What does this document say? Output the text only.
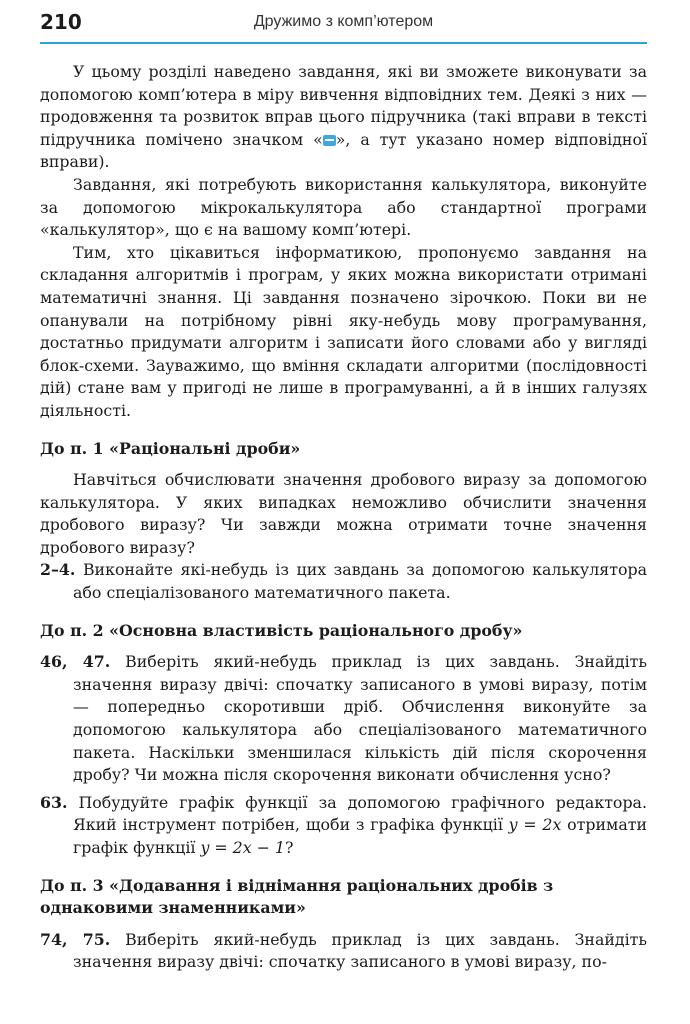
210	Дружимо з комп’ютером

У цьому розділі наведено завдання, які ви зможете виконувати за допомогою комп’ютера в міру вивчення відповідних тем. Деякі з них — продовження та розвиток вправ цього підручника (такі вправи в тексті підручника помічено значком « », а тут указано номер відповідної вправи).

Завдання, які потребують використання калькулятора, виконуйте за допомогою мікрокалькулятора або стандартної програми «калькулятор», що є на вашому комп’ютері.

Тим, хто цікавиться інформатикою, пропонуємо завдання на складання алгоритмів і програм, у яких можна використати отримані математичні знання. Ці завдання позначено зірочкою. Поки ви не опанували на потрібному рівні яку-небудь мову програмування, достатньо придумати алгоритм і записати його словами або у вигляді блок-схеми. Зауважимо, що вміння складати алгоритми (послідовності дій) стане вам у пригоді не лише в програмуванні, а й в інших галузях діяльності.

До п. 1 «Раціональні дроби»

Навчіться обчислювати значення дробового виразу за допомогою калькулятора. У яких випадках неможливо обчислити значення дробового виразу? Чи завжди можна отримати точне значення дробового виразу?

2–4. Виконайте які-небудь із цих завдань за допомогою калькулятора або спеціалізованого математичного пакета.

До п. 2 «Основна властивість раціонального дробу»

46, 47. Виберіть який-небудь приклад із цих завдань. Знайдіть значення виразу двічі: спочатку записаного в умові виразу, потім — попередньо скоротивши дріб. Обчислення виконуйте за допомогою калькулятора або спеціалізованого математичного пакета. Наскільки зменшилася кількість дій після скорочення дробу? Чи можна після скорочення виконати обчислення усно?

63. Побудуйте графік функції за допомогою графічного редактора. Який інструмент потрібен, щоби з графіка функції y = 2x отримати графік функції y = 2x − 1?

До п. 3 «Додавання і віднімання раціональних дробів з однаковими знаменниками»

74, 75. Виберіть який-небудь приклад із цих завдань. Знайдіть значення виразу двічі: спочатку записаного в умові виразу, по-
